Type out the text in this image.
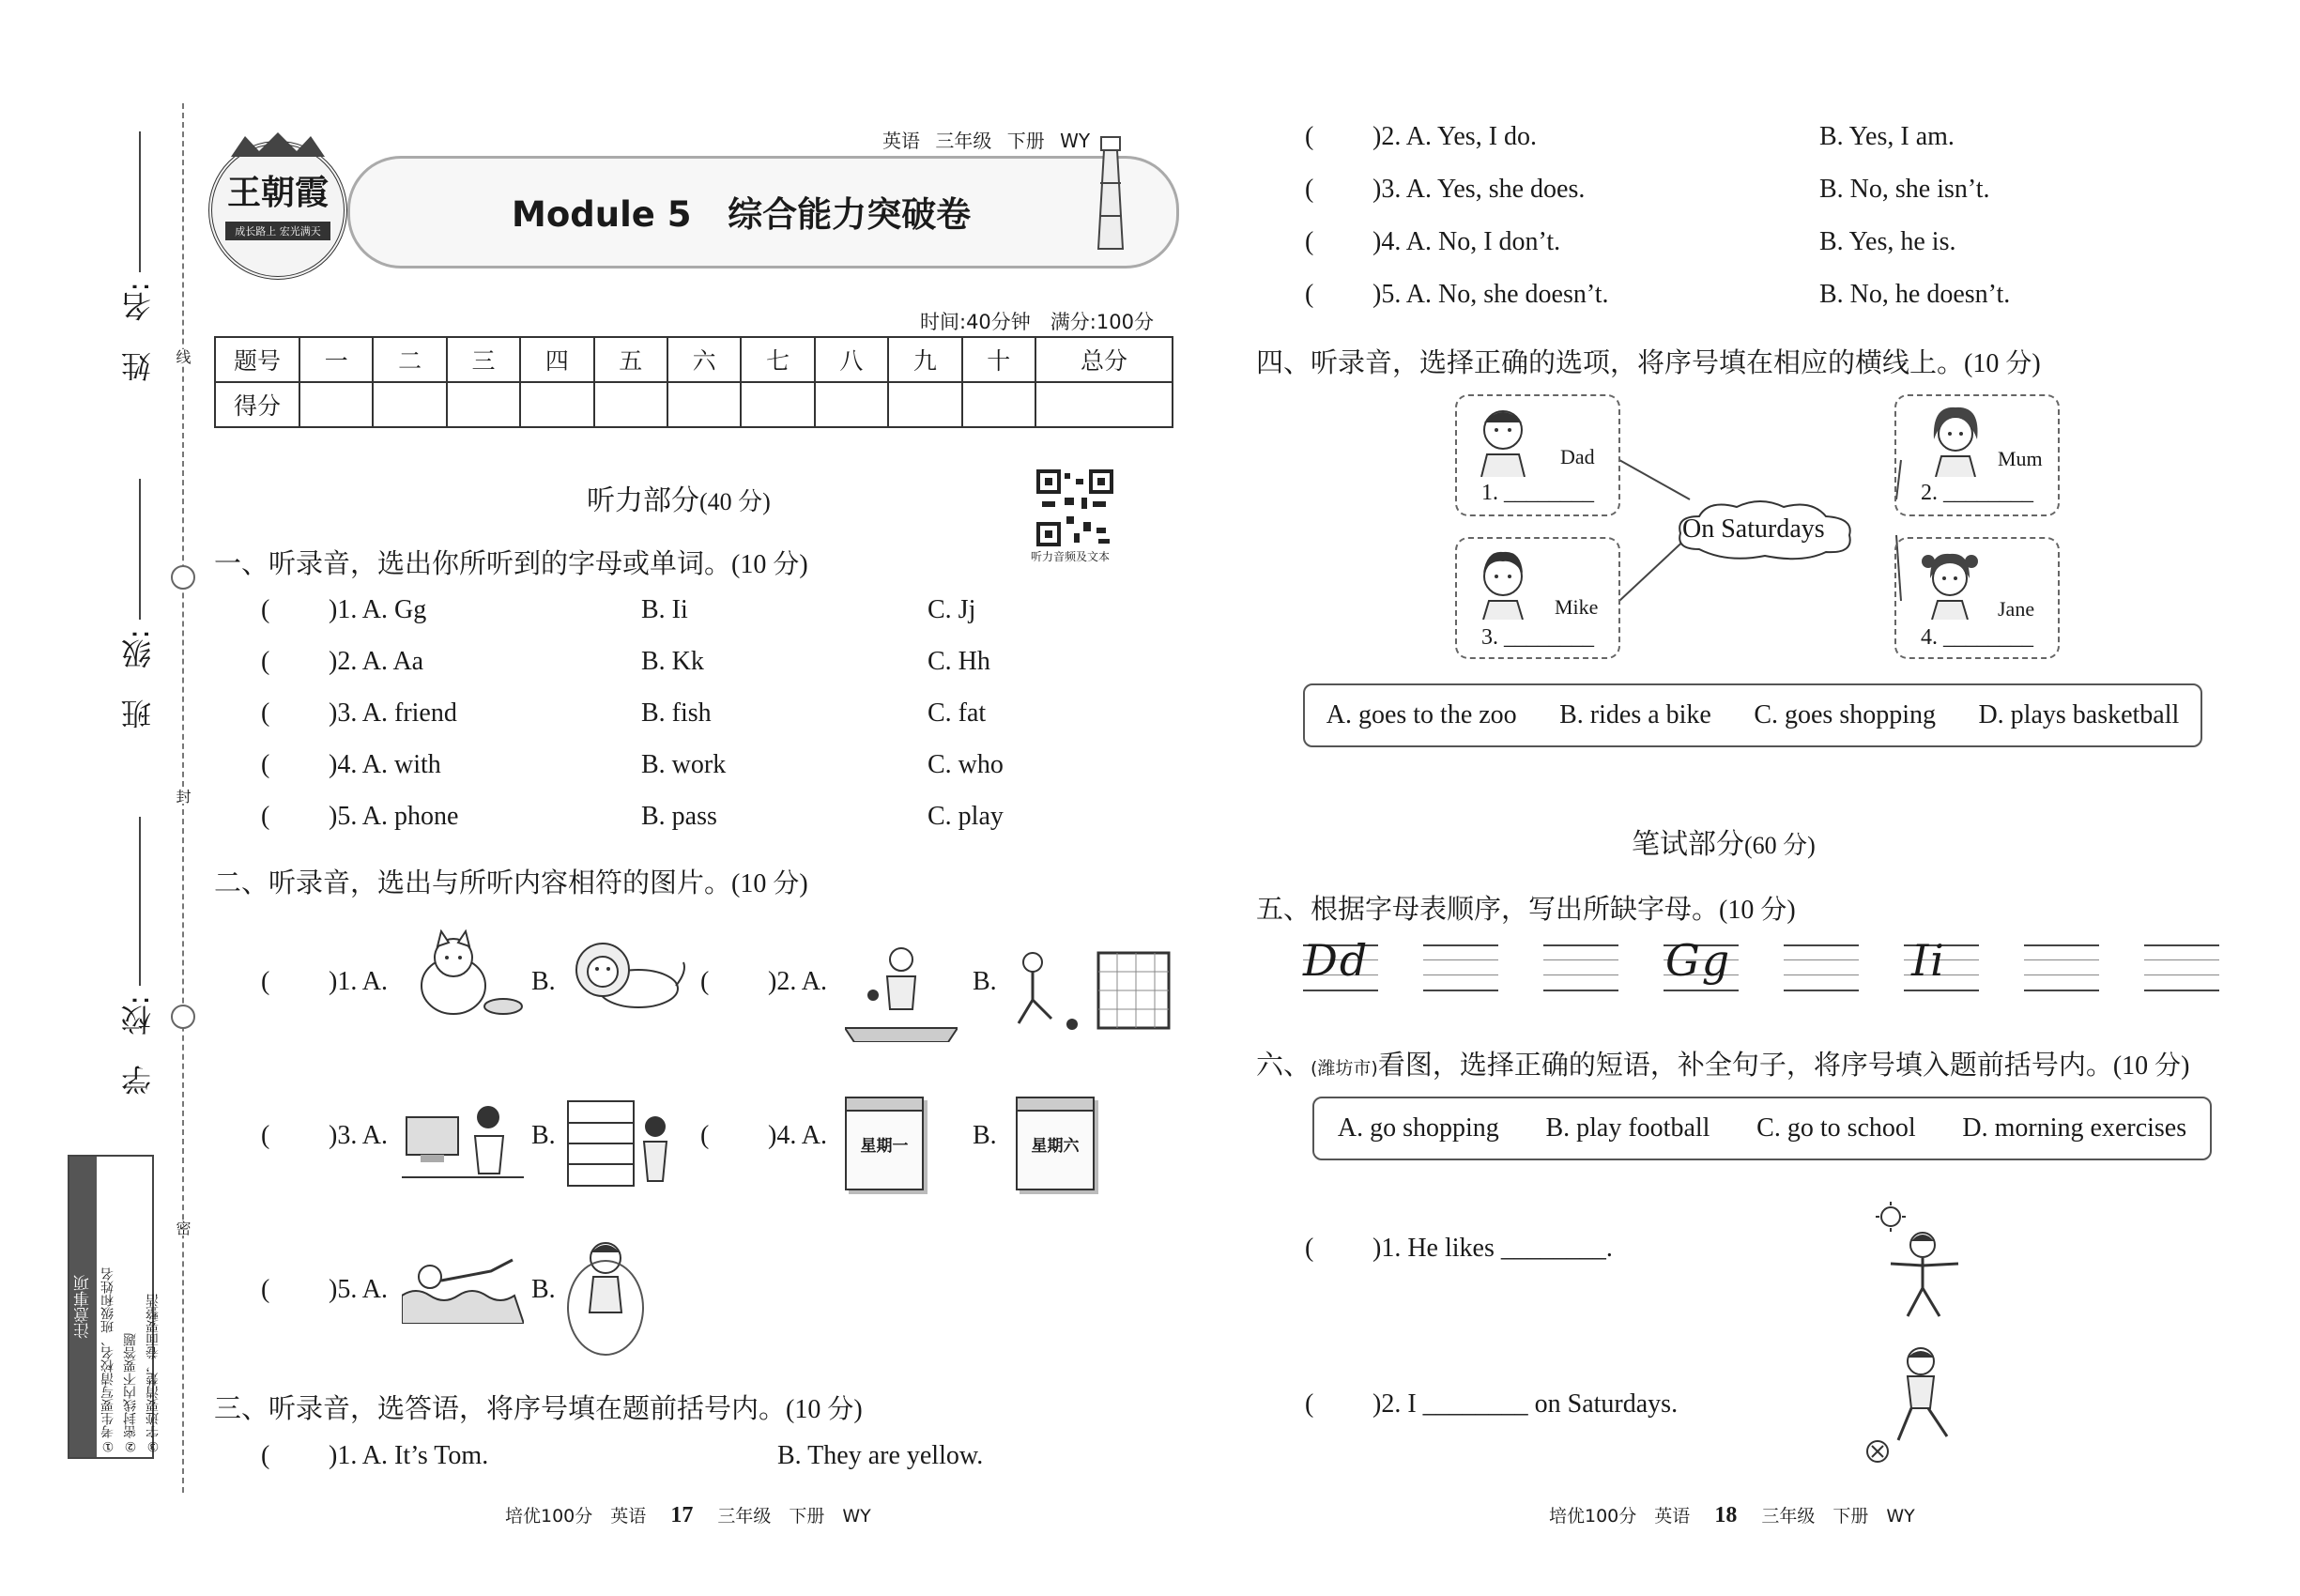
姓　名:
班　级:
学　校:
线
封
密
注意事项 ①考生要写清校名、班级和姓名 ②密封线内不要答题 ③字迹要清楚，卷面要整洁
王朝霞
成长路上 宏光满天
英语 三年级 下册 WY
Module 5 综合能力突破卷
时间:40分钟　满分:100分
题号	一	二	三	四	五	六	七	八	九	十	总分
得分											
听力部分(40 分)
听力音频及文本
一、听录音，选出你所听到的字母或单词。(10 分)
( )1. A. Gg	B. Ii	C. Jj
( )2. A. Aa	B. Kk	C. Hh
( )3. A. friend	B. fish	C. fat
( )4. A. with	B. work	C. who
( )5. A. phone	B. pass	C. play
二、听录音，选出与所听内容相符的图片。(10 分)
( )1. A.	B.	( )2. A.	B.
( )3. A.	B.	( )4. A.	星期一	B.	星期六
( )5. A.	B.
三、听录音，选答语，将序号填在题前括号内。(10 分)
( )1. A. It’s Tom.	B. They are yellow.
( )2. A. Yes, I do.	B. Yes, I am.
( )3. A. Yes, she does.	B. No, she isn’t.
( )4. A. No, I don’t.	B. Yes, he is.
( )5. A. No, she doesn’t.	B. No, he doesn’t.
四、听录音，选择正确的选项，将序号填在相应的横线上。(10 分)
On Saturdays
Dad
1. ________
Mum
2. ________
Mike
3. ________
Jane
4. ________
A. goes to the zoo B. rides a bike C. goes shopping D. plays basketball
笔试部分(60 分)
五、根据字母表顺序，写出所缺字母。(10 分)
Dd	Gg	Ii
六、(潍坊市)看图，选择正确的短语，补全句子，将序号填入题前括号内。(10 分)
A. go shopping B. play football C. go to school D. morning exercises
( )1. He likes ________.
( )2. I ________ on Saturdays.
培优100分　英语 17 三年级　下册　WY	培优100分　英语 18 三年级　下册　WY
